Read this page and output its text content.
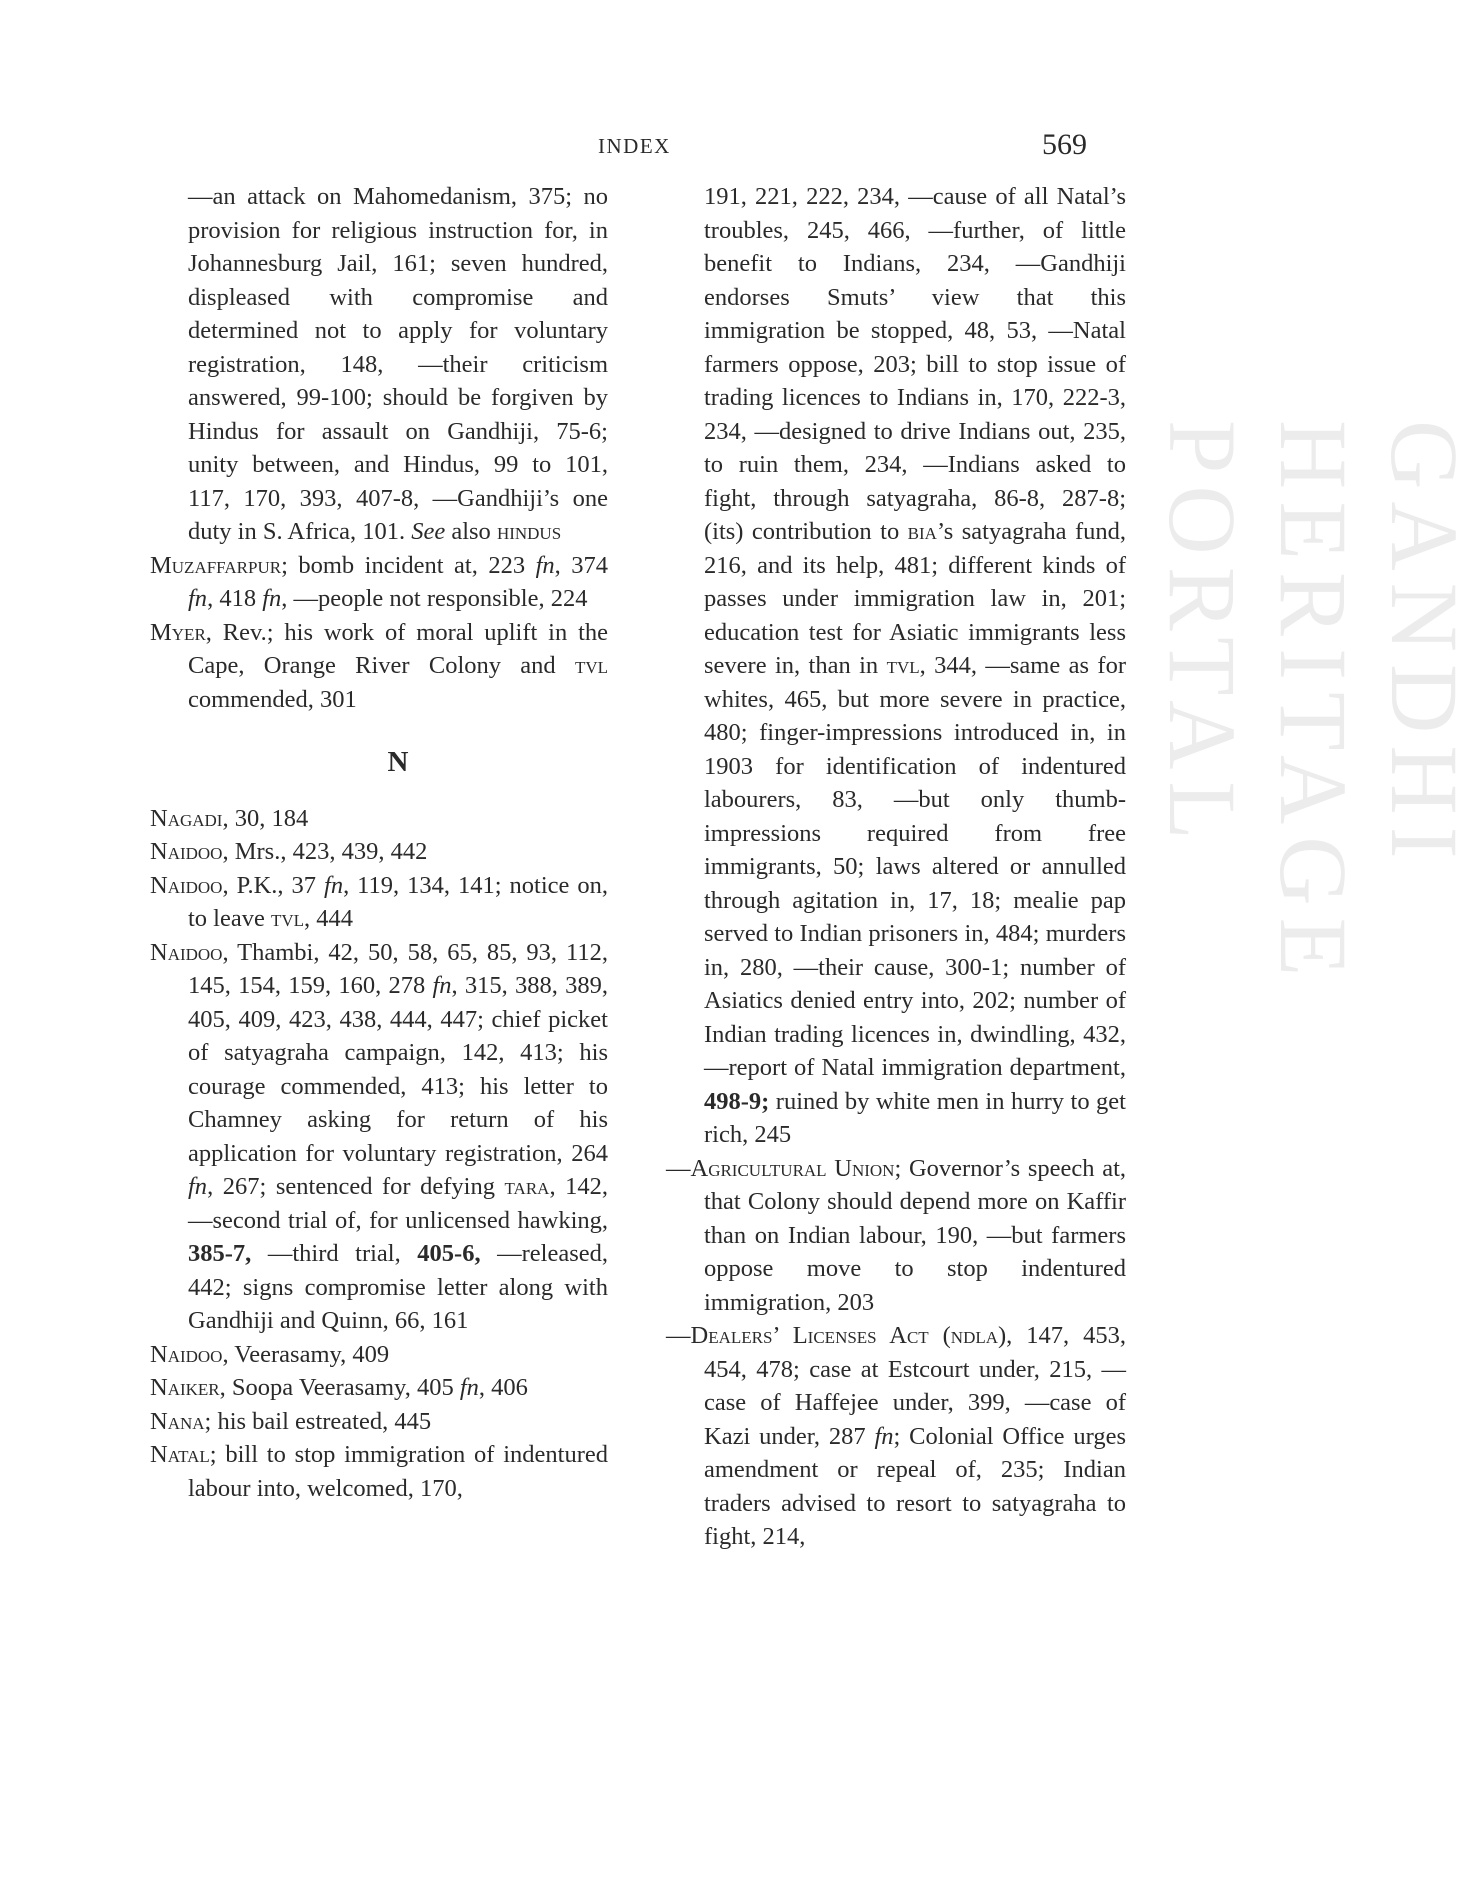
INDEX	569
GANDHI HERITAGE PORTAL
—an attack on Mahomedanism, 375; no provision for religious instruction for, in Johannesburg Jail, 161; seven hundred, displeased with compromise and determined not to apply for voluntary registration, 148, —their criticism answered, 99-100; should be forgiven by Hindus for assault on Gandhiji, 75-6; unity between, and Hindus, 99 to 101, 117, 170, 393, 407-8, —Gandhiji’s one duty in S. Africa, 101. See also hindus
Muzaffarpur; bomb incident at, 223 fn, 374 fn, 418 fn, —people not responsible, 224
Myer, Rev.; his work of moral uplift in the Cape, Orange River Colony and tvl commended, 301
N
Nagadi, 30, 184
Naidoo, Mrs., 423, 439, 442
Naidoo, P.K., 37 fn, 119, 134, 141; notice on, to leave tvl, 444
Naidoo, Thambi, 42, 50, 58, 65, 85, 93, 112, 145, 154, 159, 160, 278 fn, 315, 388, 389, 405, 409, 423, 438, 444, 447; chief picket of satyagraha campaign, 142, 413; his courage commended, 413; his letter to Chamney asking for return of his application for voluntary registration, 264 fn, 267; sentenced for defying tara, 142, —second trial of, for unlicensed hawking, 385-7, —third trial, 405-6, —released, 442; signs compromise letter along with Gandhiji and Quinn, 66, 161
Naidoo, Veerasamy, 409
Naiker, Soopa Veerasamy, 405 fn, 406
Nana; his bail estreated, 445
Natal; bill to stop immigration of indentured labour into, welcomed, 170,
191, 221, 222, 234, —cause of all Natal’s troubles, 245, 466, —further, of little benefit to Indians, 234, —Gandhiji endorses Smuts’ view that this immigration be stopped, 48, 53, —Natal farmers oppose, 203; bill to stop issue of trading licences to Indians in, 170, 222-3, 234, —designed to drive Indians out, 235, to ruin them, 234, —Indians asked to fight, through satyagraha, 86-8, 287-8; (its) contribution to bia’s satyagraha fund, 216, and its help, 481; different kinds of passes under immigration law in, 201; education test for Asiatic immigrants less severe in, than in tvl, 344, —same as for whites, 465, but more severe in practice, 480; finger-impressions introduced in, in 1903 for identification of indentured labourers, 83, —but only thumb-impressions required from free immigrants, 50; laws altered or annulled through agitation in, 17, 18; mealie pap served to Indian prisoners in, 484; murders in, 280, —their cause, 300-1; number of Asiatics denied entry into, 202; number of Indian trading licences in, dwindling, 432, —report of Natal immigration department, 498-9; ruined by white men in hurry to get rich, 245
—Agricultural Union; Governor’s speech at, that Colony should depend more on Kaffir than on Indian labour, 190, —but farmers oppose move to stop indentured immigration, 203
—Dealers’ Licenses Act (ndla), 147, 453, 454, 478; case at Estcourt under, 215, —case of Haffejee under, 399, —case of Kazi under, 287 fn; Colonial Office urges amendment or repeal of, 235; Indian traders advised to resort to satyagraha to fight, 214,
